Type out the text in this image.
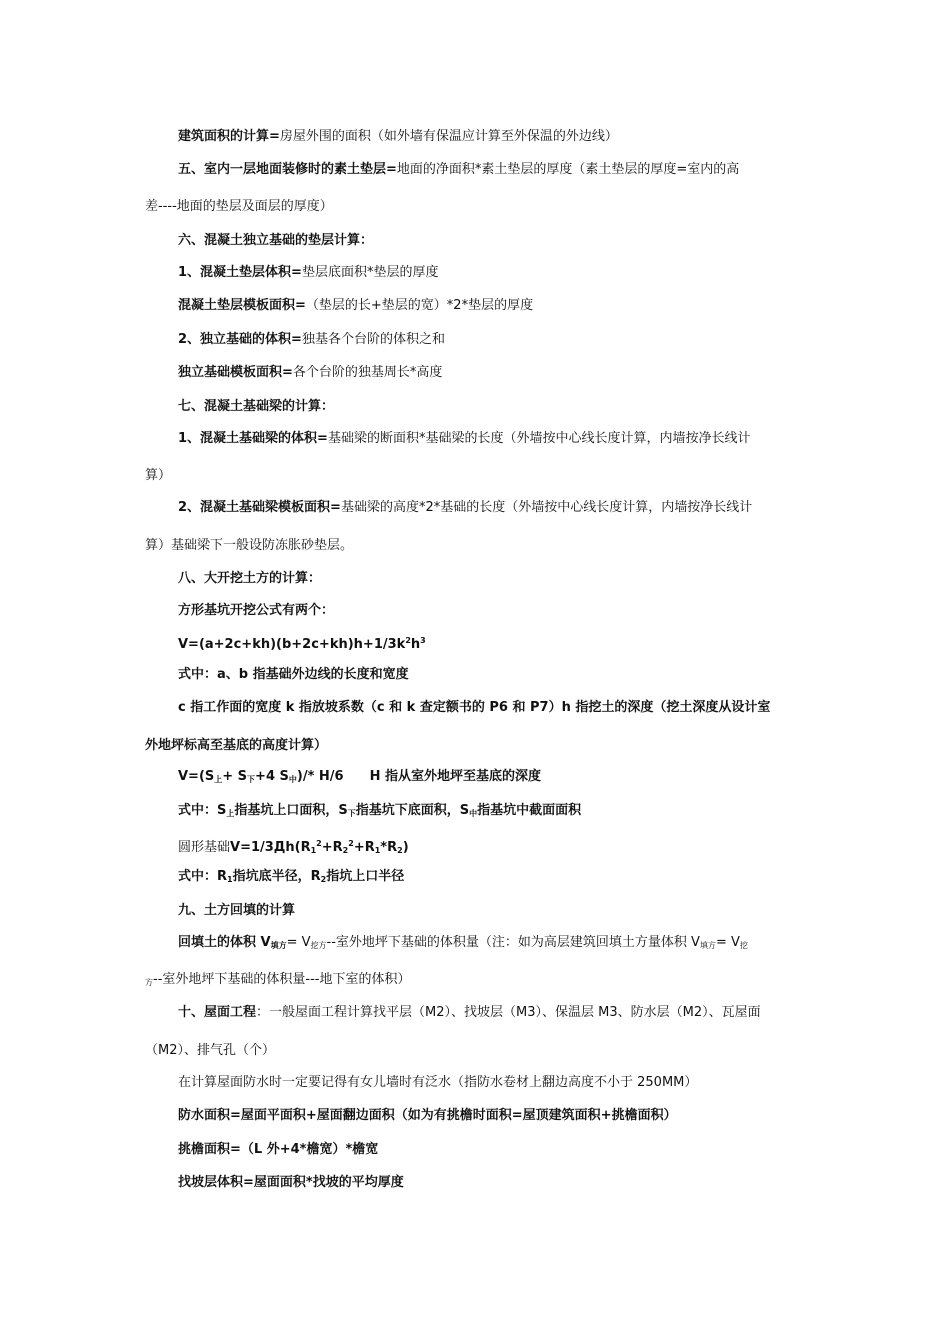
建筑面积的计算=房屋外围的面积（如外墙有保温应计算至外保温的外边线）
五、室内一层地面装修时的素土垫层=地面的净面积*素土垫层的厚度（素土垫层的厚度=室内的高
差----地面的垫层及面层的厚度）
六、混凝土独立基础的垫层计算：
1、混凝土垫层体积=垫层底面积*垫层的厚度
混凝土垫层模板面积=（垫层的长+垫层的宽）*2*垫层的厚度
2、独立基础的体积=独基各个台阶的体积之和
独立基础模板面积=各个台阶的独基周长*高度
七、混凝土基础梁的计算：
1、混凝土基础梁的体积=基础梁的断面积*基础梁的长度（外墙按中心线长度计算，内墙按净长线计
算）
2、混凝土基础梁模板面积=基础梁的高度*2*基础的长度（外墙按中心线长度计算，内墙按净长线计
算）基础梁下一般设防冻胀砂垫层。
八、大开挖土方的计算：
方形基坑开挖公式有两个：
$V=(a+2c+kh)(b+2c+kh)h+1/3k^2h^3$
式中：a、b 指基础外边线的长度和宽度
c 指工作面的宽度 k 指放坡系数（c 和 k 查定额书的 P6 和 P7）h 指挖土的深度（挖土深度从设计室
外地坪标高至基底的高度计算）
$V=(S_上+ S_下+4$ $S_中)/*$ H/6 H 指从室外地坪至基底的深度
式中：$S_上$指基坑上口面积，$S_下$指基坑下底面积，$S_中$指基坑中截面面积
圆形基础$V=1/3Дh(R_1^2+R_2^2+R_1*R_2)$
式中：$R_1$指坑底半径，$R_2$指坑上口半径
九、土方回填的计算
回填土的体积 $V_{填方}= V_{挖方}--$室外地坪下基础的体积量（注：如为高层建筑回填土方量体积 $V_{填方}= V_挖$
$_方$--室外地坪下基础的体积量---地下室的体积）
十、屋面工程：一般屋面工程计算找平层（M2）、找坡层（M3）、保温层 M3、防水层（M2）、瓦屋面
（M2）、排气孔（个）
在计算屋面防水时一定要记得有女儿墙时有泛水（指防水卷材上翻边高度不小于 250MM）
防水面积=屋面平面积+屋面翻边面积（如为有挑檐时面积=屋顶建筑面积+挑檐面积）
挑檐面积=（L 外+4*檐宽）*檐宽
找坡层体积=屋面面积*找坡的平均厚度
